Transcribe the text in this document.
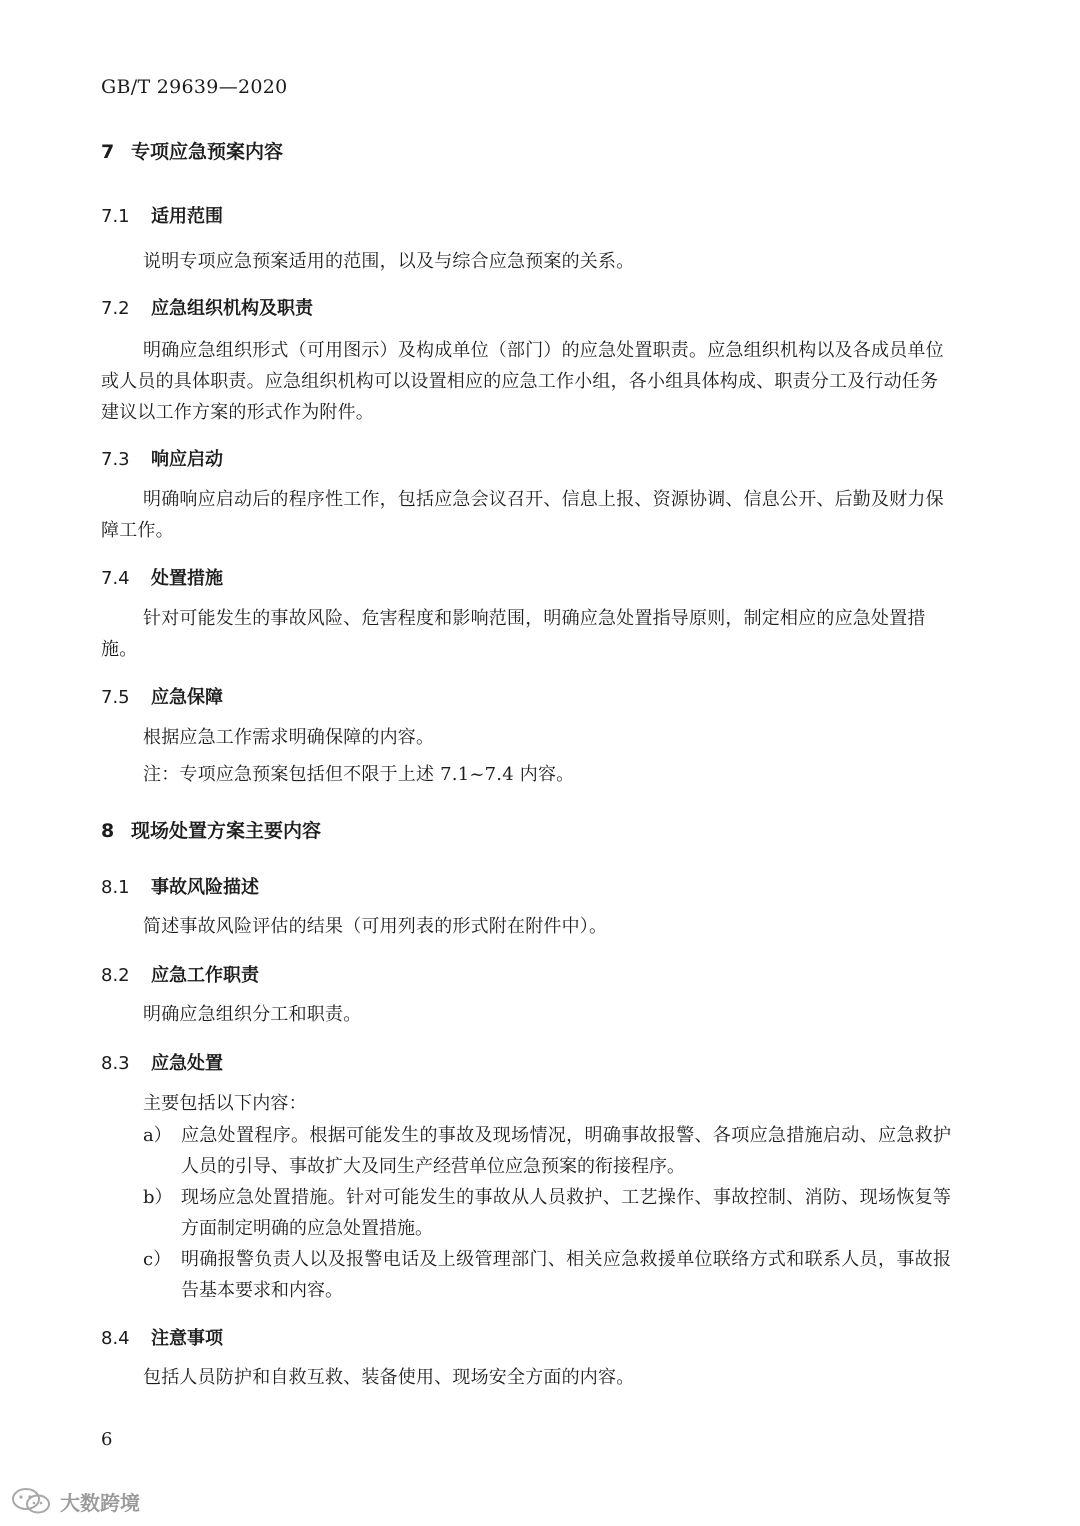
GB/T 29639—2020
7 专项应急预案内容
7.1 适用范围
说明专项应急预案适用的范围，以及与综合应急预案的关系。
7.2 应急组织机构及职责
明确应急组织形式（可用图示）及构成单位（部门）的应急处置职责。应急组织机构以及各成员单位或人员的具体职责。应急组织机构可以设置相应的应急工作小组，各小组具体构成、职责分工及行动任务建议以工作方案的形式作为附件。
7.3 响应启动
明确响应启动后的程序性工作，包括应急会议召开、信息上报、资源协调、信息公开、后勤及财力保障工作。
7.4 处置措施
针对可能发生的事故风险、危害程度和影响范围，明确应急处置指导原则，制定相应的应急处置措施。
7.5 应急保障
根据应急工作需求明确保障的内容。
注：专项应急预案包括但不限于上述 7.1~7.4 内容。
8 现场处置方案主要内容
8.1 事故风险描述
简述事故风险评估的结果（可用列表的形式附在附件中）。
8.2 应急工作职责
明确应急组织分工和职责。
8.3 应急处置
主要包括以下内容：
a） 应急处置程序。根据可能发生的事故及现场情况，明确事故报警、各项应急措施启动、应急救护人员的引导、事故扩大及同生产经营单位应急预案的衔接程序。
b） 现场应急处置措施。针对可能发生的事故从人员救护、工艺操作、事故控制、消防、现场恢复等方面制定明确的应急处置措施。
c） 明确报警负责人以及报警电话及上级管理部门、相关应急救援单位联络方式和联系人员，事故报告基本要求和内容。
8.4 注意事项
包括人员防护和自救互救、装备使用、现场安全方面的内容。
6
大数跨境
